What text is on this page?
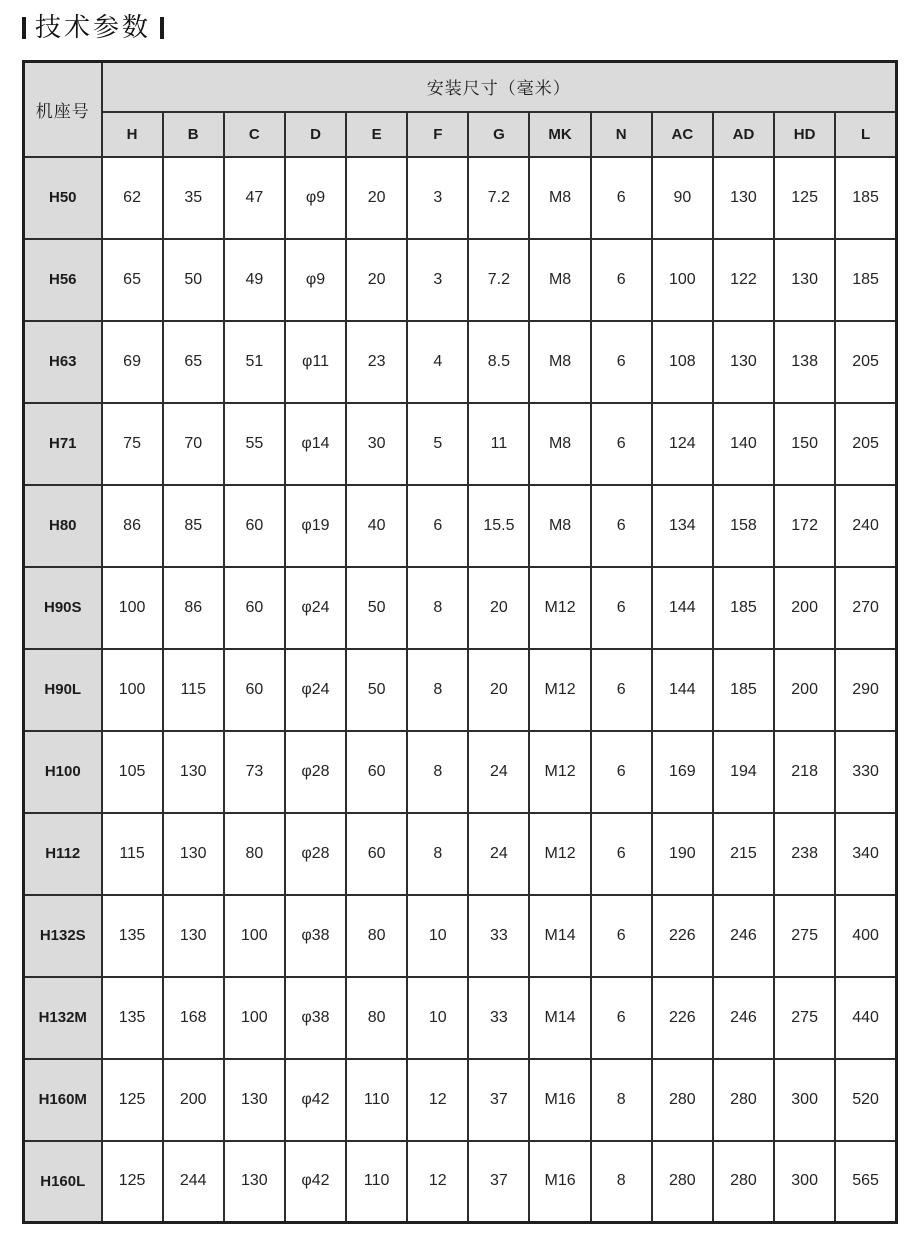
技术参数
机座号	安装尺寸（毫米）												
	H	B	C	D	E	F	G	MK	N	AC	AD	HD	L
H50	62	35	47	φ9	20	3	7.2	M8	6	90	130	125	185
H56	65	50	49	φ9	20	3	7.2	M8	6	100	122	130	185
H63	69	65	51	φ11	23	4	8.5	M8	6	108	130	138	205
H71	75	70	55	φ14	30	5	11	M8	6	124	140	150	205
H80	86	85	60	φ19	40	6	15.5	M8	6	134	158	172	240
H90S	100	86	60	φ24	50	8	20	M12	6	144	185	200	270
H90L	100	115	60	φ24	50	8	20	M12	6	144	185	200	290
H100	105	130	73	φ28	60	8	24	M12	6	169	194	218	330
H112	115	130	80	φ28	60	8	24	M12	6	190	215	238	340
H132S	135	130	100	φ38	80	10	33	M14	6	226	246	275	400
H132M	135	168	100	φ38	80	10	33	M14	6	226	246	275	440
H160M	125	200	130	φ42	110	12	37	M16	8	280	280	300	520
H160L	125	244	130	φ42	110	12	37	M16	8	280	280	300	565
